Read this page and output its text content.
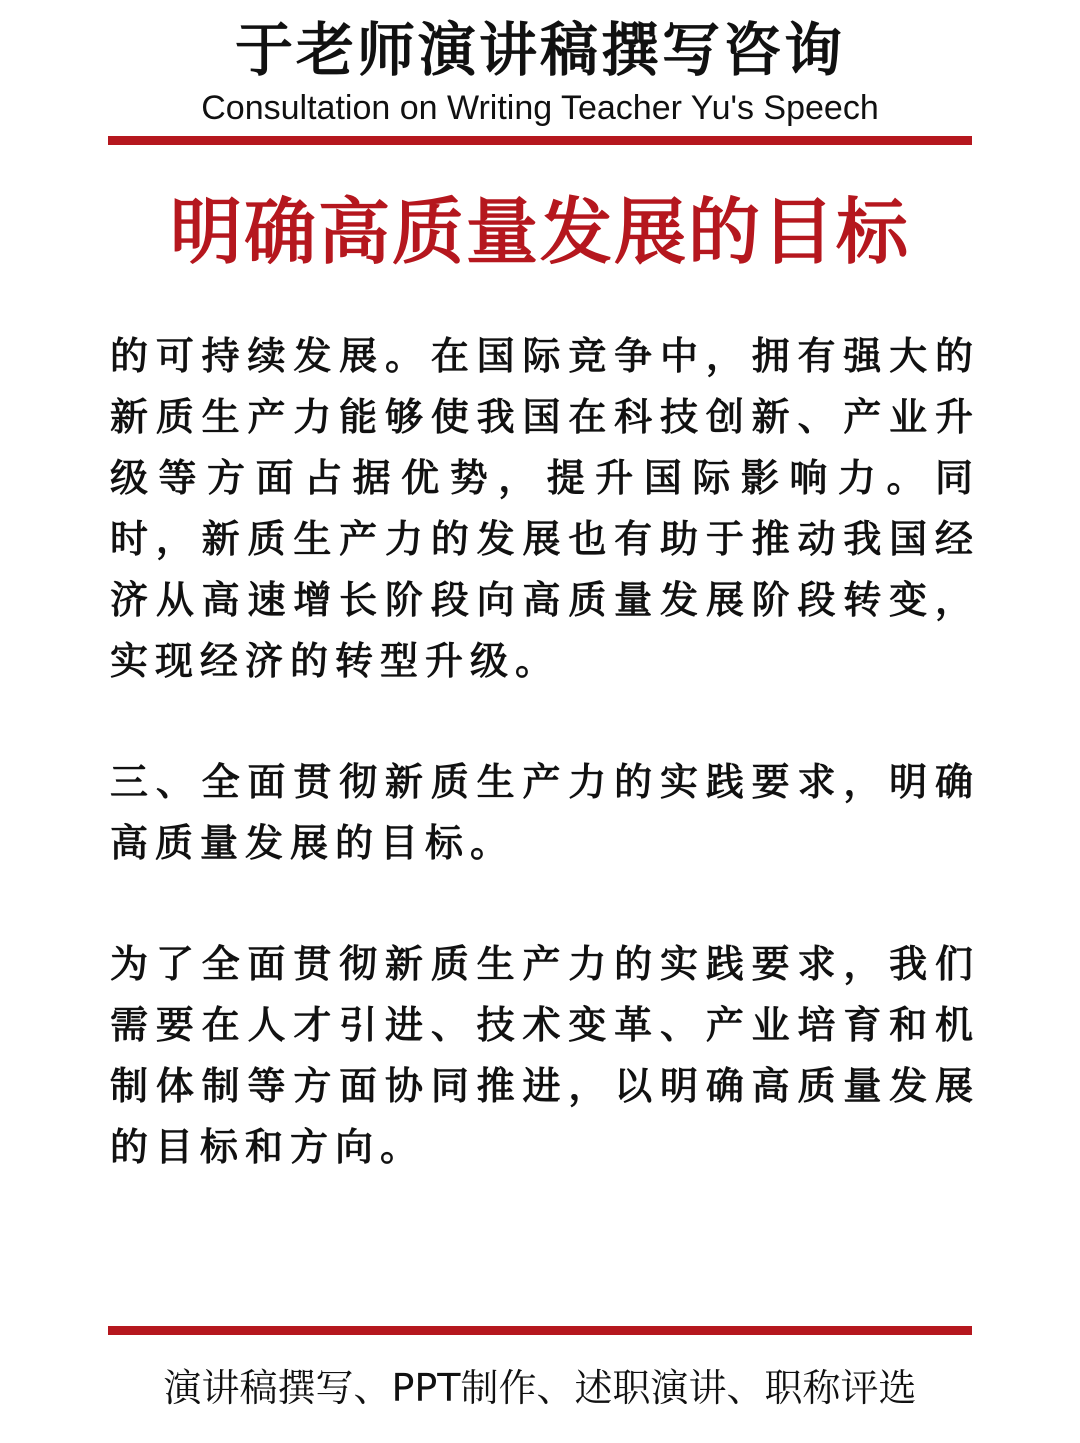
于老师演讲稿撰写咨询
Consultation on Writing Teacher Yu's Speech
明确高质量发展的目标

的可持续发展。在国际竞争中，拥有强大的新质生产力能够使我国在科技创新、产业升级等方面占据优势，提升国际影响力。同时，新质生产力的发展也有助于推动我国经济从高速增长阶段向高质量发展阶段转变，实现经济的转型升级。

三、全面贯彻新质生产力的实践要求，明确高质量发展的目标。

为了全面贯彻新质生产力的实践要求，我们需要在人才引进、技术变革、产业培育和机制体制等方面协同推进，以明确高质量发展的目标和方向。

演讲稿撰写、PPT制作、述职演讲、职称评选
